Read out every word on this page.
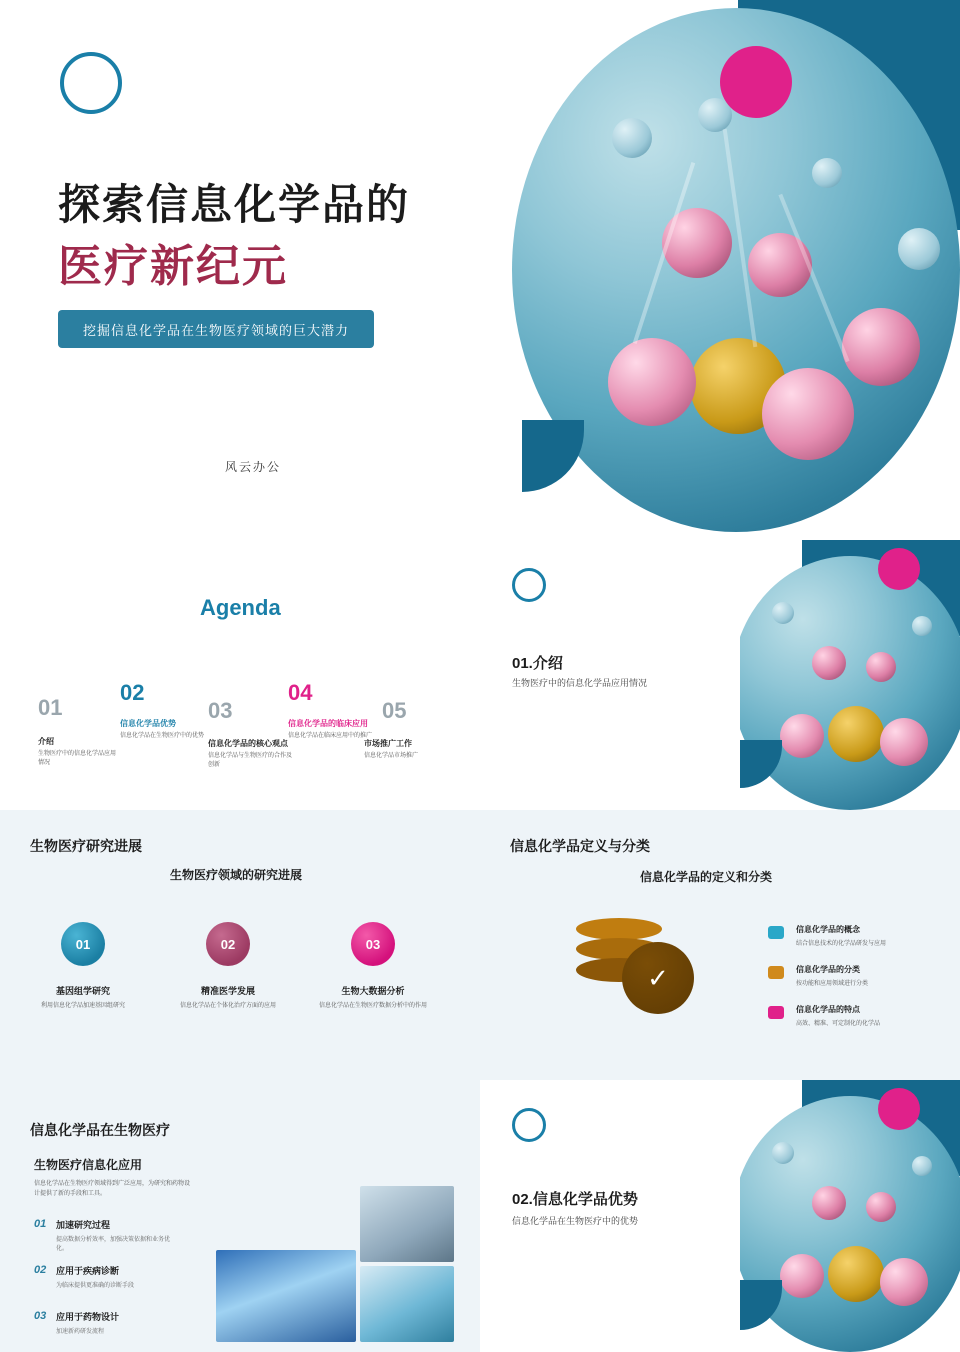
探索信息化学品的
医疗新纪元
挖掘信息化学品在生物医疗领域的巨大潜力
风云办公
Agenda
01
介绍
生物医疗中的信息化学品应用情况
02
信息化学品优势
信息化学品在生物医疗中的优势
03
信息化学品的核心观点
信息化学品与生物医疗的合作及创新
04
信息化学品的临床应用
信息化学品在临床应用中的推广
05
市场推广工作
信息化学品市场推广
01.介绍
生物医疗中的信息化学品应用情况
生物医疗研究进展
生物医疗领域的研究进展
01
基因组学研究
利用信息化学品加速基因组研究
02
精准医学发展
信息化学品在个体化治疗方面的应用
03
生物大数据分析
信息化学品在生物医疗数据分析中的作用
信息化学品定义与分类
信息化学品的定义和分类
✓
信息化学品的概念
结合信息技术的化学品研发与应用
信息化学品的分类
按功能和应用领域进行分类
信息化学品的特点
高效、精准、可定制化的化学品
信息化学品在生物医疗
生物医疗信息化应用
信息化学品在生物医疗领域得到广泛应用，为研究和药物设计提供了新的手段和工具。
01 加速研究过程
提高数据分析效率，加强决策依据和业务优化。
02 应用于疾病诊断
为临床提供更准确的诊断手段
03 应用于药物设计
加速新药研发流程
02.信息化学品优势
信息化学品在生物医疗中的优势
